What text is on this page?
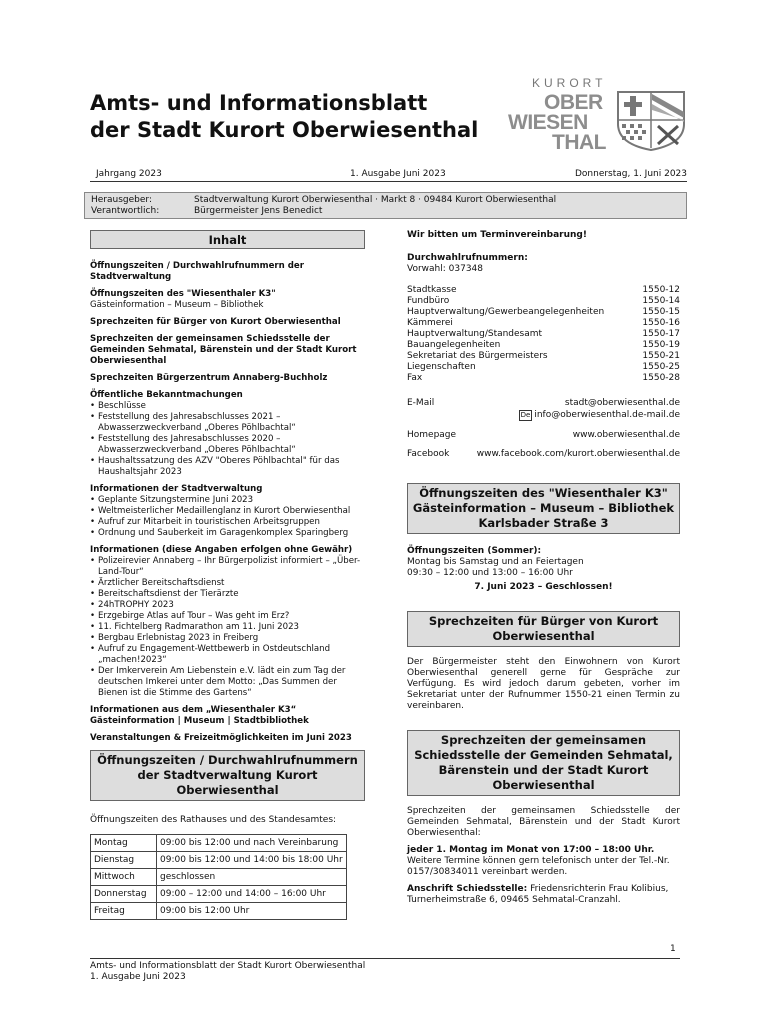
Amts- und Informationsblatt
der Stadt Kurort Oberwiesenthal
KURORT
OBER
WIESEN
THAL
Jahrgang 2023	1. Ausgabe Juni 2023	Donnerstag, 1. Juni 2023
Herausgeber:	Stadtverwaltung Kurort Oberwiesenthal · Markt 8 · 09484 Kurort Oberwiesenthal
Verantwortlich:	Bürgermeister Jens Benedict
Inhalt
Öffnungszeiten / Durchwahlrufnummern der Stadtverwaltung
Öffnungszeiten des "Wiesenthaler K3"
Gästeinformation – Museum – Bibliothek
Sprechzeiten für Bürger von Kurort Oberwiesenthal
Sprechzeiten der gemeinsamen Schiedsstelle der Gemeinden Sehmatal, Bärenstein und der Stadt Kurort Oberwiesenthal
Sprechzeiten Bürgerzentrum Annaberg-Buchholz
Öffentliche Bekanntmachungen
• Beschlüsse
• Feststellung des Jahresabschlusses 2021 – Abwasserzweckverband „Oberes Pöhlbachtal“
• Feststellung des Jahresabschlusses 2020 – Abwasserzweckverband „Oberes Pöhlbachtal“
• Haushaltssatzung des AZV "Oberes Pöhlbachtal" für das Haushaltsjahr 2023
Informationen der Stadtverwaltung
• Geplante Sitzungstermine Juni 2023
• Weltmeisterlicher Medaillenglanz in Kurort Oberwiesenthal
• Aufruf zur Mitarbeit in touristischen Arbeitsgruppen
• Ordnung und Sauberkeit im Garagenkomplex Sparingberg
Informationen (diese Angaben erfolgen ohne Gewähr)
• Polizeirevier Annaberg – Ihr Bürgerpolizist informiert – „Über-Land-Tour“
• Ärztlicher Bereitschaftsdienst
• Bereitschaftsdienst der Tierärzte
• 24hTROPHY 2023
• Erzgebirge Atlas auf Tour – Was geht im Erz?
• 11. Fichtelberg Radmarathon am 11. Juni 2023
• Bergbau Erlebnistag 2023 in Freiberg
• Aufruf zu Engagement-Wettbewerb in Ostdeutschland „machen!2023“
• Der Imkerverein Am Liebenstein e.V. lädt ein zum Tag der deutschen Imkerei unter dem Motto: „Das Summen der Bienen ist die Stimme des Gartens“
Informationen aus dem „Wiesenthaler K3“
Gästeinformation | Museum | Stadtbibliothek
Veranstaltungen & Freizeitmöglichkeiten im Juni 2023
Öffnungszeiten / Durchwahlrufnummern der Stadtverwaltung Kurort Oberwiesenthal
Öffnungszeiten des Rathauses und des Standesamtes:
Montag	09:00 bis 12:00 und nach Vereinbarung
Dienstag	09:00 bis 12:00 und 14:00 bis 18:00 Uhr
Mittwoch	geschlossen
Donnerstag	09:00 – 12:00 und 14:00 – 16:00 Uhr
Freitag	09:00 bis 12:00 Uhr
Wir bitten um Terminvereinbarung!
Durchwahlrufnummern:
Vorwahl: 037348
Stadtkasse	1550-12
Fundbüro	1550-14
Hauptverwaltung/Gewerbeangelegenheiten	1550-15
Kämmerei	1550-16
Hauptverwaltung/Standesamt	1550-17
Bauangelegenheiten	1550-19
Sekretariat des Bürgermeisters	1550-21
Liegenschaften	1550-25
Fax	1550-28
E-Mail	stadt@oberwiesenthal.de
De info@oberwiesenthal.de-mail.de
Homepage	www.oberwiesenthal.de
Facebook	www.facebook.com/kurort.oberwiesenthal.de
Öffnungszeiten des "Wiesenthaler K3" Gästeinformation – Museum – Bibliothek Karlsbader Straße 3
Öffnungszeiten (Sommer):
Montag bis Samstag und an Feiertagen
09:30 – 12:00 und 13:00 – 16:00 Uhr
7. Juni 2023 – Geschlossen!
Sprechzeiten für Bürger von Kurort Oberwiesenthal
Der Bürgermeister steht den Einwohnern von Kurort Oberwiesenthal generell gerne für Gespräche zur Verfügung. Es wird jedoch darum gebeten, vorher im Sekretariat unter der Rufnummer 1550-21 einen Termin zu vereinbaren.
Sprechzeiten der gemeinsamen Schiedsstelle der Gemeinden Sehmatal, Bärenstein und der Stadt Kurort Oberwiesenthal
Sprechzeiten der gemeinsamen Schiedsstelle der Gemeinden Sehmatal, Bärenstein und der Stadt Kurort Oberwiesenthal:
jeder 1. Montag im Monat von 17:00 – 18:00 Uhr.
Weitere Termine können gern telefonisch unter der Tel.-Nr. 0157/30834011 vereinbart werden.
Anschrift Schiedsstelle: Friedensrichterin Frau Kolibius, Turnerheimstraße 6, 09465 Sehmatal-Cranzahl.
1
Amts- und Informationsblatt der Stadt Kurort Oberwiesenthal
1. Ausgabe Juni 2023
